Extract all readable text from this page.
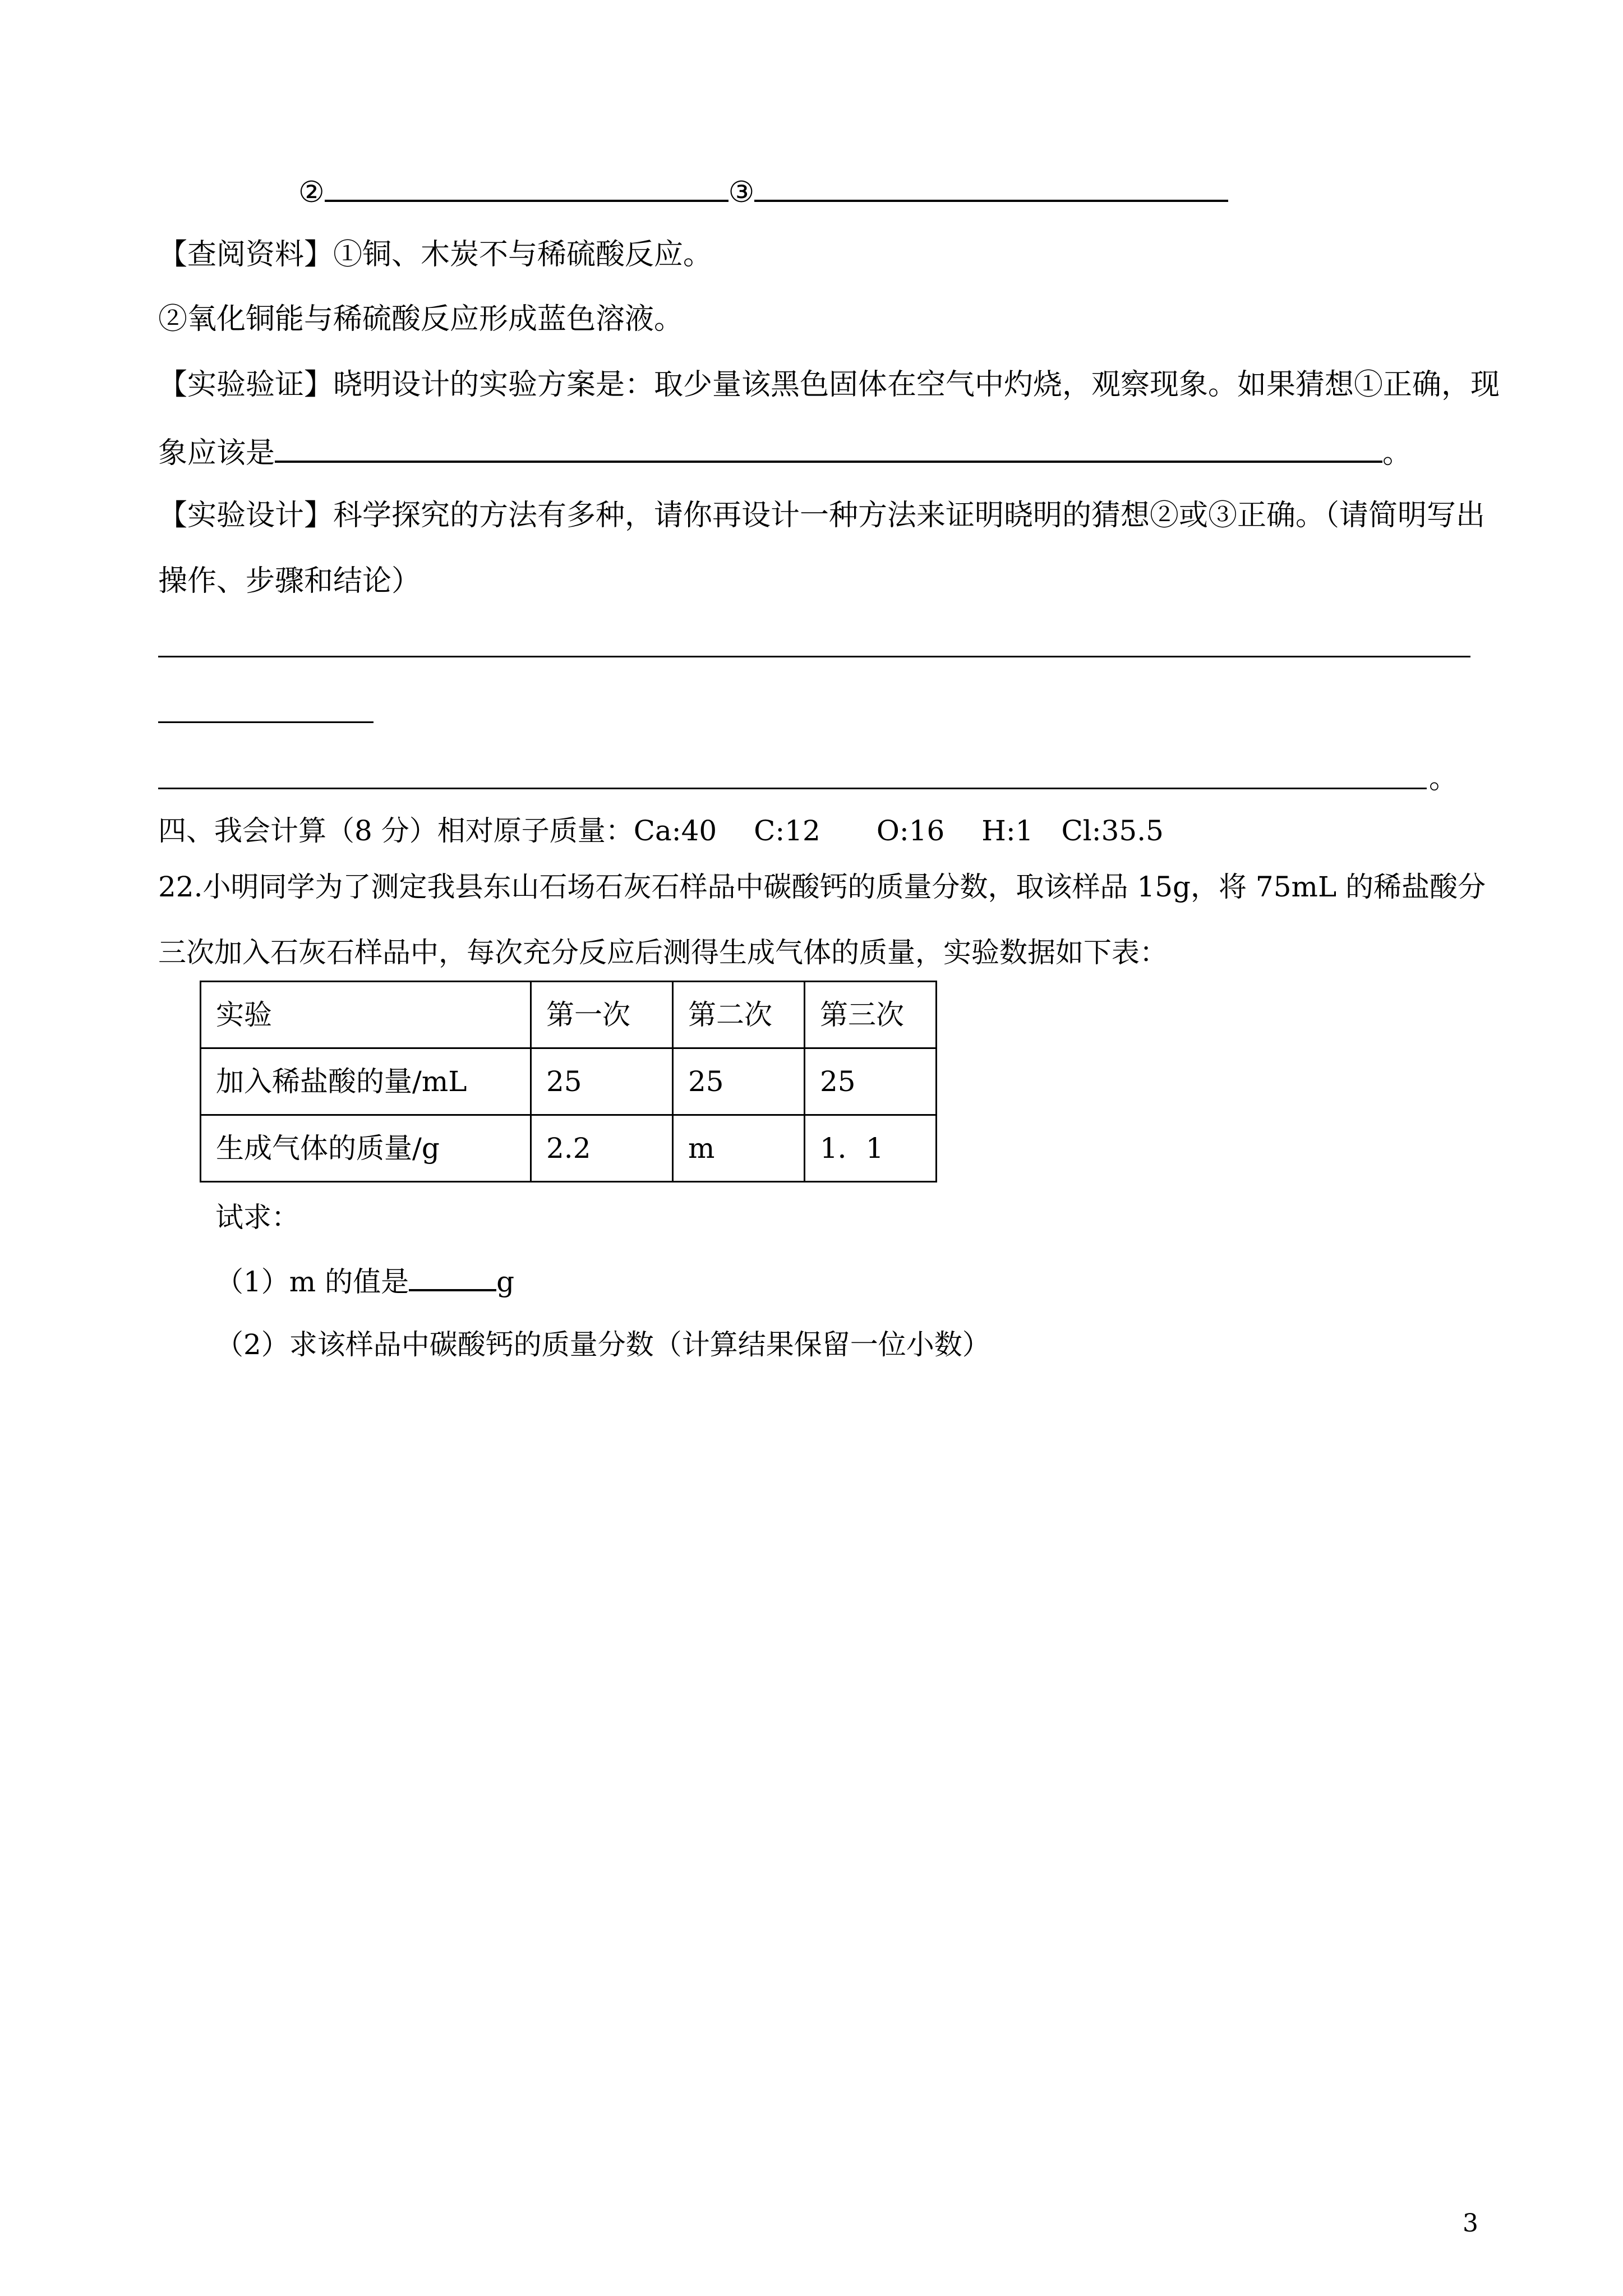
②	③
【查阅资料】①铜、木炭不与稀硫酸反应。
②氧化铜能与稀硫酸反应形成蓝色溶液。
【实验验证】晓明设计的实验方案是：取少量该黑色固体在空气中灼烧，观察现象。如果猜想①正确，现
象应该是	。
【实验设计】科学探究的方法有多种，请你再设计一种方法来证明晓明的猜想②或③正确。（请简明写出
操作、步骤和结论）
。
四、我会计算（8 分）相对原子质量：Ca:40　 C:12　　O:16　 H:1　Cl:35.5
22.小明同学为了测定我县东山石场石灰石样品中碳酸钙的质量分数，取该样品 15g，将 75mL 的稀盐酸分
三次加入石灰石样品中，每次充分反应后测得生成气体的质量，实验数据如下表：
实验	第一次	第二次	第三次
加入稀盐酸的量/mL	25	25	25
生成气体的质量/g	2.2	m	1．1
试求：
（1）m 的值是	g
（2）求该样品中碳酸钙的质量分数（计算结果保留一位小数）
3
